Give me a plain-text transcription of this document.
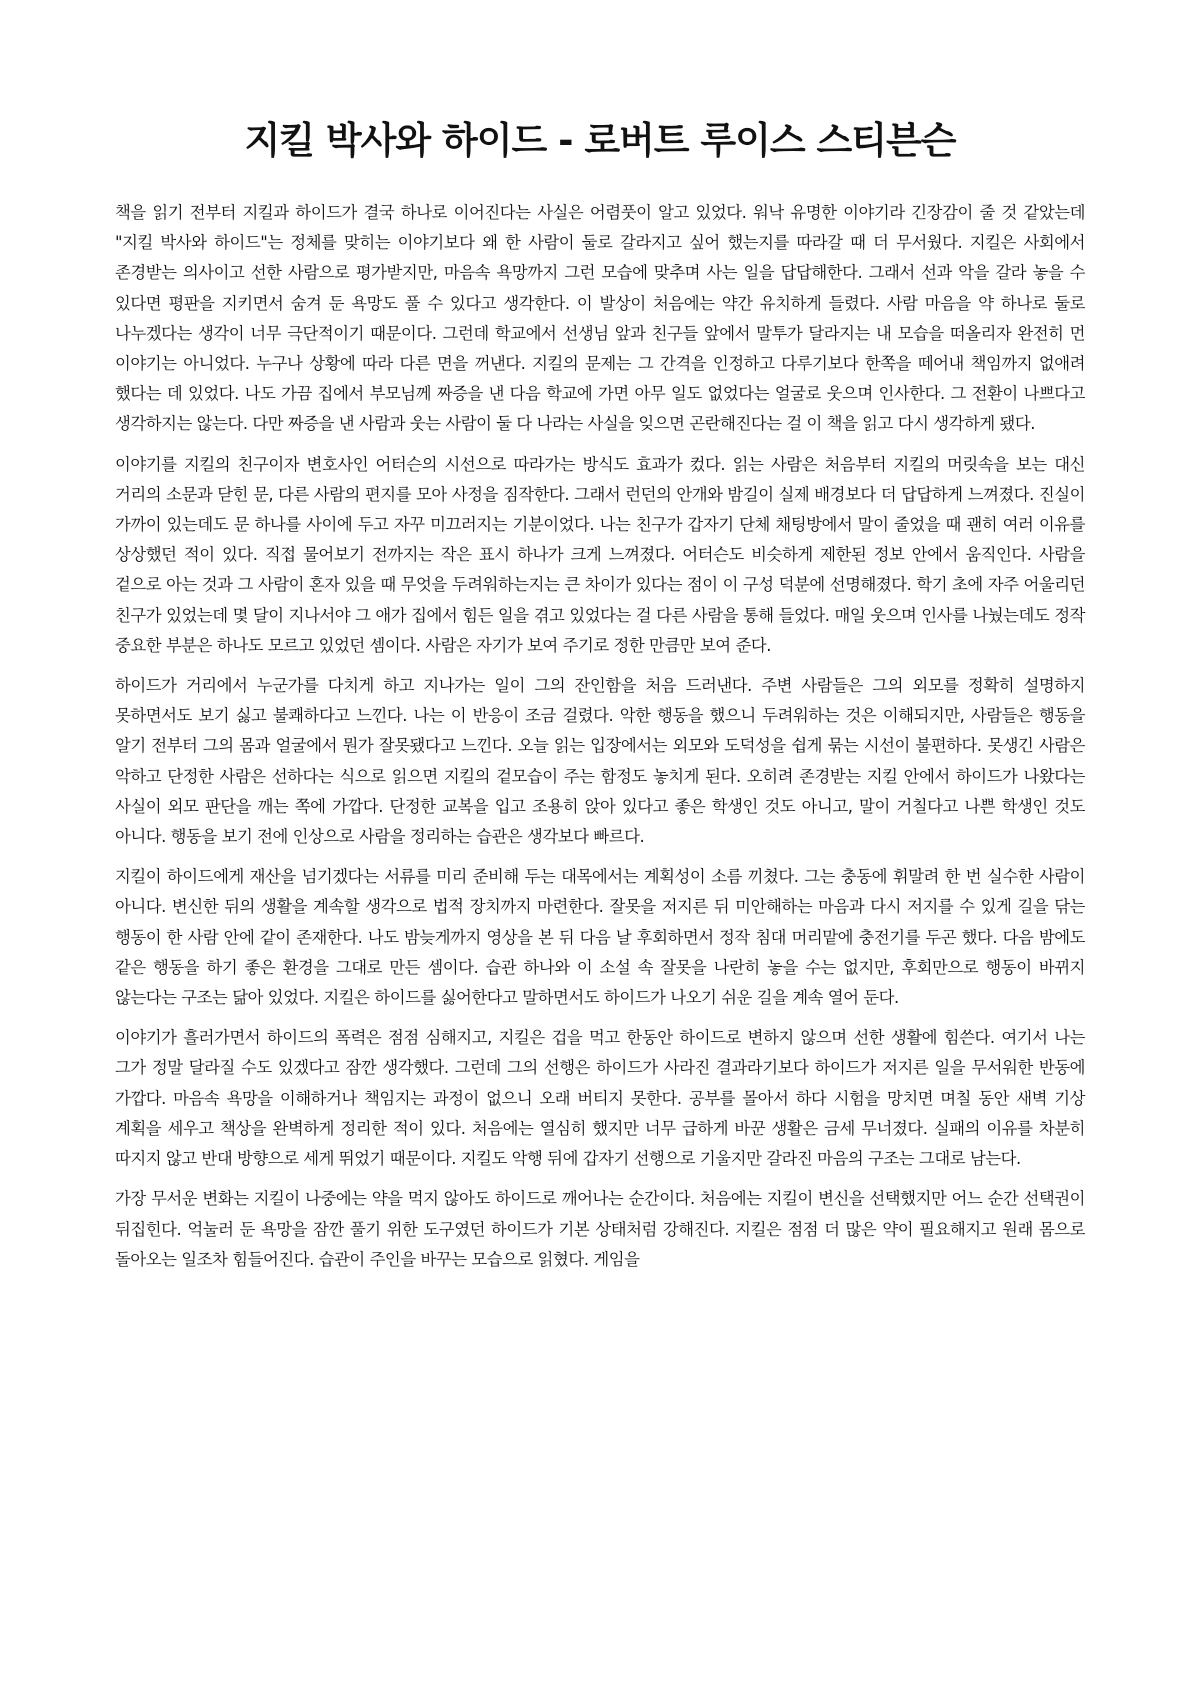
지킬 박사와 하이드 - 로버트 루이스 스티븐슨

책을 읽기 전부터 지킬과 하이드가 결국 하나로 이어진다는 사실은 어렴풋이 알고 있었다. 워낙 유명한 이야기라 긴장감이 줄 것 같았는데 "지킬 박사와 하이드"는 정체를 맞히는 이야기보다 왜 한 사람이 둘로 갈라지고 싶어 했는지를 따라갈 때 더 무서웠다. 지킬은 사회에서 존경받는 의사이고 선한 사람으로 평가받지만, 마음속 욕망까지 그런 모습에 맞추며 사는 일을 답답해한다. 그래서 선과 악을 갈라 놓을 수 있다면 평판을 지키면서 숨겨 둔 욕망도 풀 수 있다고 생각한다. 이 발상이 처음에는 약간 유치하게 들렸다. 사람 마음을 약 하나로 둘로 나누겠다는 생각이 너무 극단적이기 때문이다. 그런데 학교에서 선생님 앞과 친구들 앞에서 말투가 달라지는 내 모습을 떠올리자 완전히 먼 이야기는 아니었다. 누구나 상황에 따라 다른 면을 꺼낸다. 지킬의 문제는 그 간격을 인정하고 다루기보다 한쪽을 떼어내 책임까지 없애려 했다는 데 있었다. 나도 가끔 집에서 부모님께 짜증을 낸 다음 학교에 가면 아무 일도 없었다는 얼굴로 웃으며 인사한다. 그 전환이 나쁘다고 생각하지는 않는다. 다만 짜증을 낸 사람과 웃는 사람이 둘 다 나라는 사실을 잊으면 곤란해진다는 걸 이 책을 읽고 다시 생각하게 됐다.

이야기를 지킬의 친구이자 변호사인 어터슨의 시선으로 따라가는 방식도 효과가 컸다. 읽는 사람은 처음부터 지킬의 머릿속을 보는 대신 거리의 소문과 닫힌 문, 다른 사람의 편지를 모아 사정을 짐작한다. 그래서 런던의 안개와 밤길이 실제 배경보다 더 답답하게 느껴졌다. 진실이 가까이 있는데도 문 하나를 사이에 두고 자꾸 미끄러지는 기분이었다. 나는 친구가 갑자기 단체 채팅방에서 말이 줄었을 때 괜히 여러 이유를 상상했던 적이 있다. 직접 물어보기 전까지는 작은 표시 하나가 크게 느껴졌다. 어터슨도 비슷하게 제한된 정보 안에서 움직인다. 사람을 겉으로 아는 것과 그 사람이 혼자 있을 때 무엇을 두려워하는지는 큰 차이가 있다는 점이 이 구성 덕분에 선명해졌다. 학기 초에 자주 어울리던 친구가 있었는데 몇 달이 지나서야 그 애가 집에서 힘든 일을 겪고 있었다는 걸 다른 사람을 통해 들었다. 매일 웃으며 인사를 나눴는데도 정작 중요한 부분은 하나도 모르고 있었던 셈이다. 사람은 자기가 보여 주기로 정한 만큼만 보여 준다.

하이드가 거리에서 누군가를 다치게 하고 지나가는 일이 그의 잔인함을 처음 드러낸다. 주변 사람들은 그의 외모를 정확히 설명하지 못하면서도 보기 싫고 불쾌하다고 느낀다. 나는 이 반응이 조금 걸렸다. 악한 행동을 했으니 두려워하는 것은 이해되지만, 사람들은 행동을 알기 전부터 그의 몸과 얼굴에서 뭔가 잘못됐다고 느낀다. 오늘 읽는 입장에서는 외모와 도덕성을 쉽게 묶는 시선이 불편하다. 못생긴 사람은 악하고 단정한 사람은 선하다는 식으로 읽으면 지킬의 겉모습이 주는 함정도 놓치게 된다. 오히려 존경받는 지킬 안에서 하이드가 나왔다는 사실이 외모 판단을 깨는 쪽에 가깝다. 단정한 교복을 입고 조용히 앉아 있다고 좋은 학생인 것도 아니고, 말이 거칠다고 나쁜 학생인 것도 아니다. 행동을 보기 전에 인상으로 사람을 정리하는 습관은 생각보다 빠르다.

지킬이 하이드에게 재산을 넘기겠다는 서류를 미리 준비해 두는 대목에서는 계획성이 소름 끼쳤다. 그는 충동에 휘말려 한 번 실수한 사람이 아니다. 변신한 뒤의 생활을 계속할 생각으로 법적 장치까지 마련한다. 잘못을 저지른 뒤 미안해하는 마음과 다시 저지를 수 있게 길을 닦는 행동이 한 사람 안에 같이 존재한다. 나도 밤늦게까지 영상을 본 뒤 다음 날 후회하면서 정작 침대 머리맡에 충전기를 두곤 했다. 다음 밤에도 같은 행동을 하기 좋은 환경을 그대로 만든 셈이다. 습관 하나와 이 소설 속 잘못을 나란히 놓을 수는 없지만, 후회만으로 행동이 바뀌지 않는다는 구조는 닮아 있었다. 지킬은 하이드를 싫어한다고 말하면서도 하이드가 나오기 쉬운 길을 계속 열어 둔다.

이야기가 흘러가면서 하이드의 폭력은 점점 심해지고, 지킬은 겁을 먹고 한동안 하이드로 변하지 않으며 선한 생활에 힘쓴다. 여기서 나는 그가 정말 달라질 수도 있겠다고 잠깐 생각했다. 그런데 그의 선행은 하이드가 사라진 결과라기보다 하이드가 저지른 일을 무서워한 반동에 가깝다. 마음속 욕망을 이해하거나 책임지는 과정이 없으니 오래 버티지 못한다. 공부를 몰아서 하다 시험을 망치면 며칠 동안 새벽 기상 계획을 세우고 책상을 완벽하게 정리한 적이 있다. 처음에는 열심히 했지만 너무 급하게 바꾼 생활은 금세 무너졌다. 실패의 이유를 차분히 따지지 않고 반대 방향으로 세게 뛰었기 때문이다. 지킬도 악행 뒤에 갑자기 선행으로 기울지만 갈라진 마음의 구조는 그대로 남는다.

가장 무서운 변화는 지킬이 나중에는 약을 먹지 않아도 하이드로 깨어나는 순간이다. 처음에는 지킬이 변신을 선택했지만 어느 순간 선택권이 뒤집힌다. 억눌러 둔 욕망을 잠깐 풀기 위한 도구였던 하이드가 기본 상태처럼 강해진다. 지킬은 점점 더 많은 약이 필요해지고 원래 몸으로 돌아오는 일조차 힘들어진다. 습관이 주인을 바꾸는 모습으로 읽혔다. 게임을
